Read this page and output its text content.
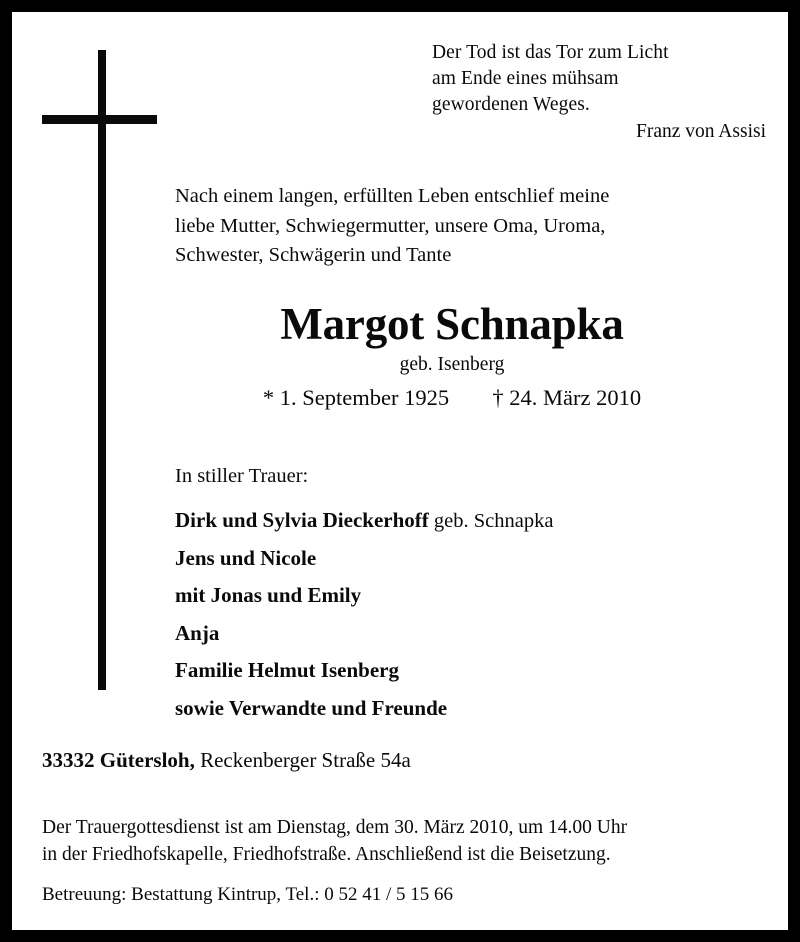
Der Tod ist das Tor zum Licht
am Ende eines mühsam
gewordenen Weges.
Franz von Assisi
Nach einem langen, erfüllten Leben entschlief meine
liebe Mutter, Schwiegermutter, unsere Oma, Uroma,
Schwester, Schwägerin und Tante
Margot Schnapka
geb. Isenberg
* 1. September 1925 † 24. März 2010
In stiller Trauer:
Dirk und Sylvia Dieckerhoff geb. Schnapka
Jens und Nicole
mit Jonas und Emily
Anja
Familie Helmut Isenberg
sowie Verwandte und Freunde
33332 Gütersloh, Reckenberger Straße 54a
Der Trauergottesdienst ist am Dienstag, dem 30. März 2010, um 14.00 Uhr
in der Friedhofskapelle, Friedhofstraße. Anschließend ist die Beisetzung.
Betreuung: Bestattung Kintrup, Tel.: 0 52 41 / 5 15 66
